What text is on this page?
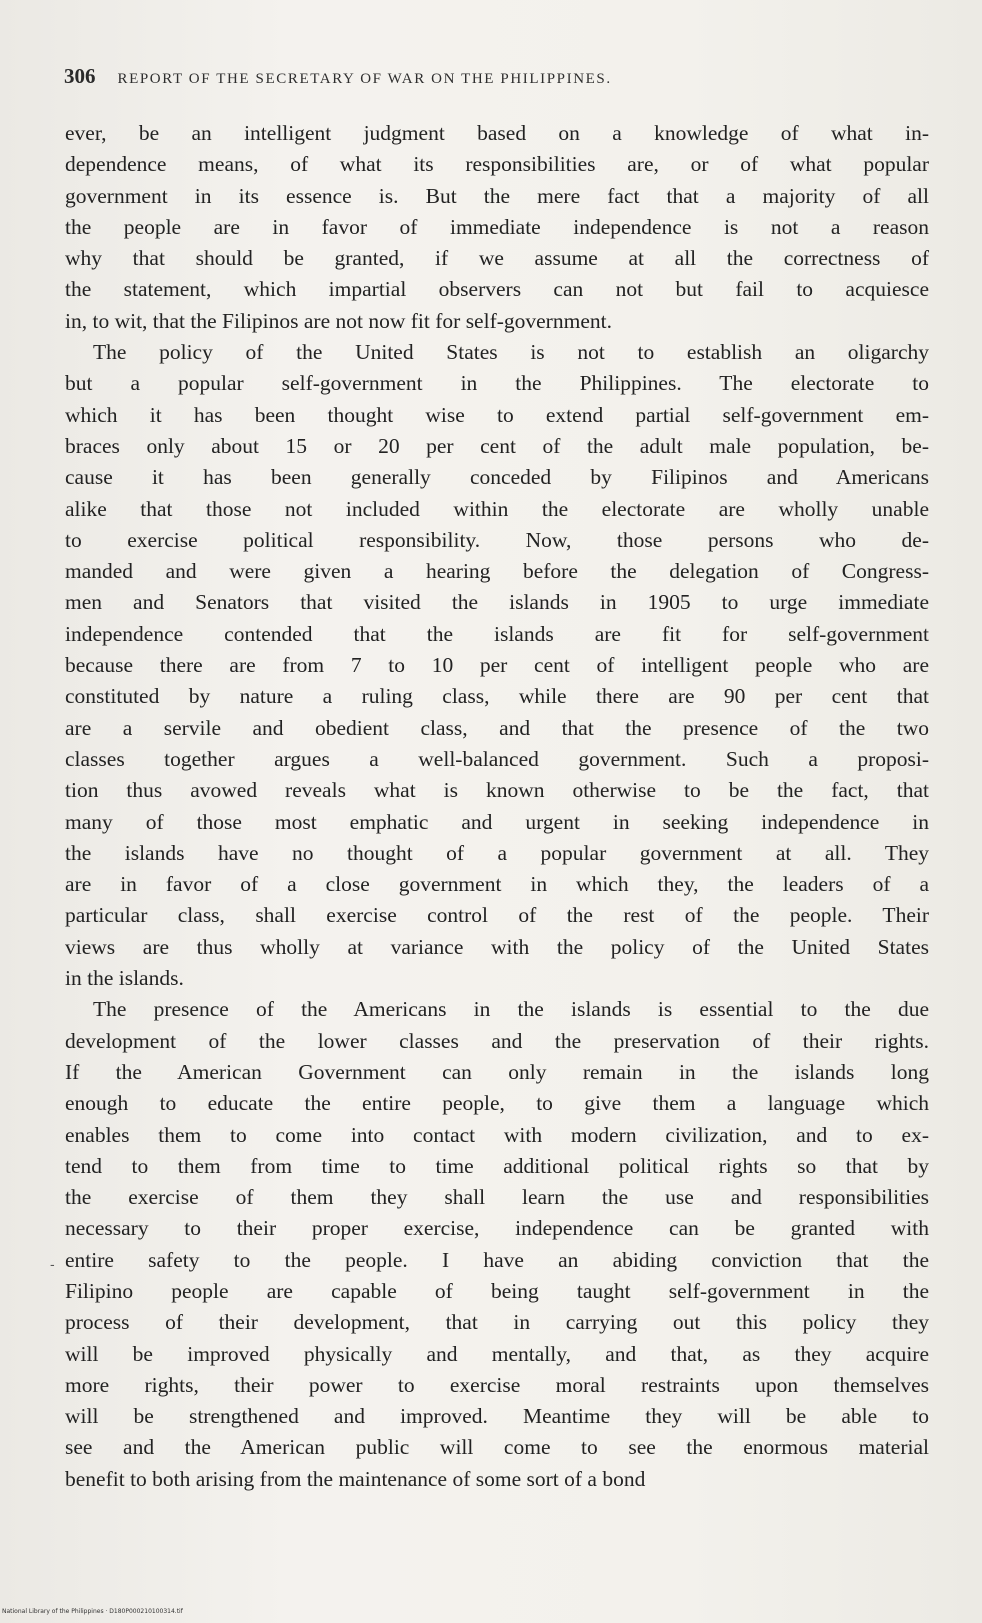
306 REPORT OF THE SECRETARY OF WAR ON THE PHILIPPINES.
-
ever, be an intelligent judgment based on a knowledge of what in-
dependence means, of what its responsibilities are, or of what popular
government in its essence is. But the mere fact that a majority of all
the people are in favor of immediate independence is not a reason
why that should be granted, if we assume at all the correctness of
the statement, which impartial observers can not but fail to acquiesce
in, to wit, that the Filipinos are not now fit for self-government.
The policy of the United States is not to establish an oligarchy
but a popular self-government in the Philippines. The electorate to
which it has been thought wise to extend partial self-government em-
braces only about 15 or 20 per cent of the adult male population, be-
cause it has been generally conceded by Filipinos and Americans
alike that those not included within the electorate are wholly unable
to exercise political responsibility. Now, those persons who de-
manded and were given a hearing before the delegation of Congress-
men and Senators that visited the islands in 1905 to urge immediate
independence contended that the islands are fit for self-government
because there are from 7 to 10 per cent of intelligent people who are
constituted by nature a ruling class, while there are 90 per cent that
are a servile and obedient class, and that the presence of the two
classes together argues a well-balanced government. Such a proposi-
tion thus avowed reveals what is known otherwise to be the fact, that
many of those most emphatic and urgent in seeking independence in
the islands have no thought of a popular government at all. They
are in favor of a close government in which they, the leaders of a
particular class, shall exercise control of the rest of the people. Their
views are thus wholly at variance with the policy of the United States
in the islands.
The presence of the Americans in the islands is essential to the due
development of the lower classes and the preservation of their rights.
If the American Government can only remain in the islands long
enough to educate the entire people, to give them a language which
enables them to come into contact with modern civilization, and to ex-
tend to them from time to time additional political rights so that by
the exercise of them they shall learn the use and responsibilities
necessary to their proper exercise, independence can be granted with
entire safety to the people. I have an abiding conviction that the
Filipino people are capable of being taught self-government in the
process of their development, that in carrying out this policy they
will be improved physically and mentally, and that, as they acquire
more rights, their power to exercise moral restraints upon themselves
will be strengthened and improved. Meantime they will be able to
see and the American public will come to see the enormous material
benefit to both arising from the maintenance of some sort of a bond
National Library of the Philippines · D180P000210100314.tif
